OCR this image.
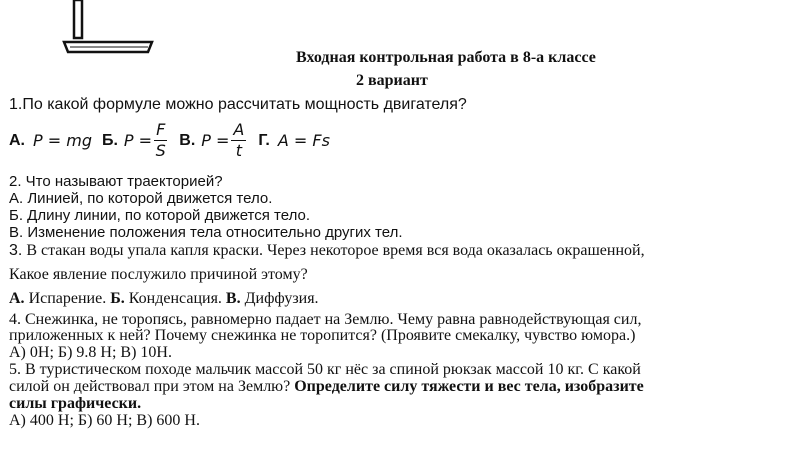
Входная контрольная работа в 8-а классе
2 вариант
1.По какой формуле можно рассчитать мощность двигателя?
А. P = mg Б. $P = \frac{F}{S} В$. $P = \frac{A}{t} Г$. A = Fs
2. Что называют траекторией?
А. Линией, по которой движется тело.
Б. Длину линии, по которой движется тело.
В. Изменение положения тела относительно других тел.
3. В стакан воды упала капля краски. Через некоторое время вся вода оказалась окрашенной,
Какое явление послужило причиной этому?
А. Испарение. Б. Конденсация. В. Диффузия.
4. Снежинка, не торопясь, равномерно падает на Землю. Чему равна равнодействующая сил,
приложенных к ней? Почему снежинка не торопится? (Проявите смекалку, чувство юмора.)
А) 0Н; Б) 9.8 Н; В) 10Н.
5. В туристическом походе мальчик массой 50 кг нёс за спиной рюкзак массой 10 кг. С какой
силой он действовал при этом на Землю? Определите силу тяжести и вес тела, изобразите
силы графически.
А) 400 Н; Б) 60 Н; В) 600 Н.
